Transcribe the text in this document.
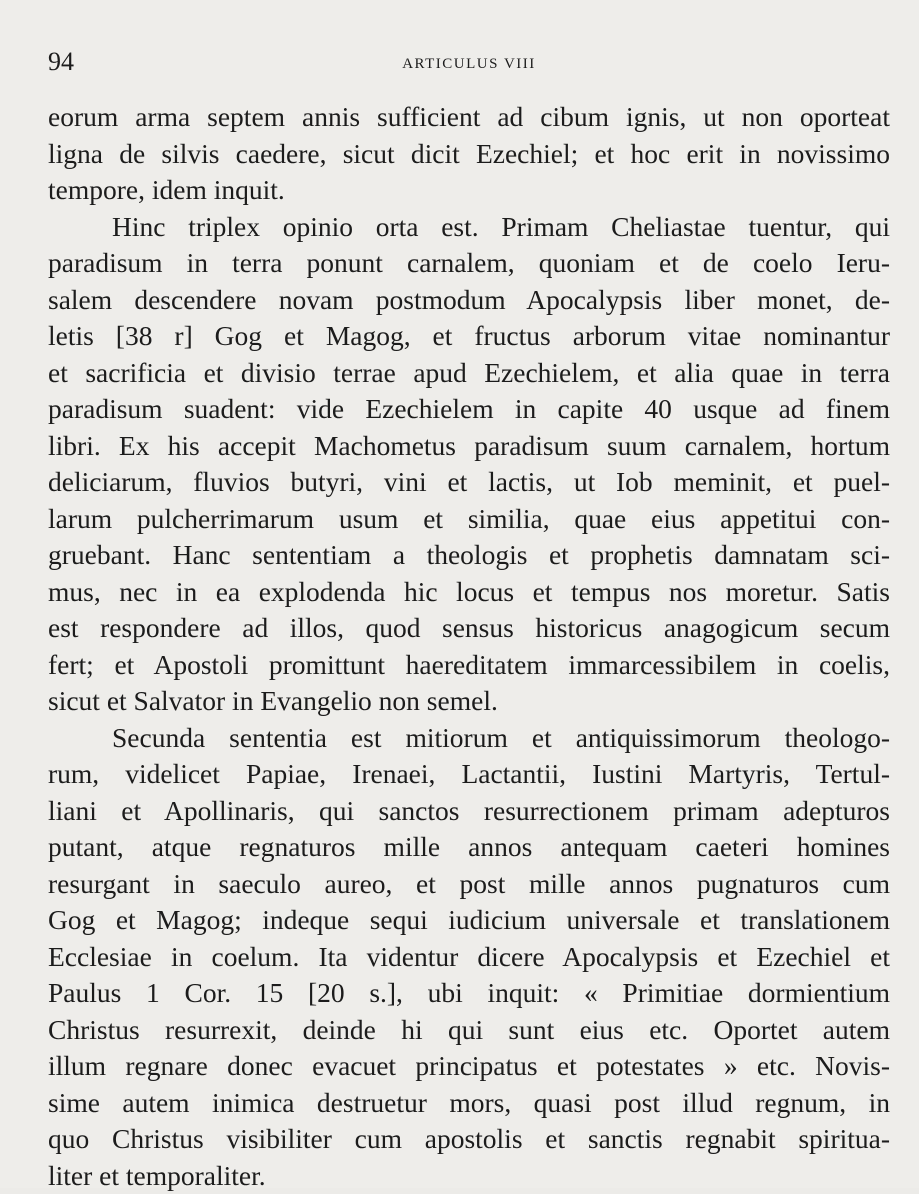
94	ARTICULUS VIII
eorum arma septem annis sufficient ad cibum ignis, ut non oporteat
ligna de silvis caedere, sicut dicit Ezechiel; et hoc erit in novissimo
tempore, idem inquit.
Hinc triplex opinio orta est. Primam Cheliastae tuentur, qui
paradisum in terra ponunt carnalem, quoniam et de coelo Ieru-
salem descendere novam postmodum Apocalypsis liber monet, de-
letis [38 r] Gog et Magog, et fructus arborum vitae nominantur
et sacrificia et divisio terrae apud Ezechielem, et alia quae in terra
paradisum suadent: vide Ezechielem in capite 40 usque ad finem
libri. Ex his accepit Machometus paradisum suum carnalem, hortum
deliciarum, fluvios butyri, vini et lactis, ut Iob meminit, et puel-
larum pulcherrimarum usum et similia, quae eius appetitui con-
gruebant. Hanc sententiam a theologis et prophetis damnatam sci-
mus, nec in ea explodenda hic locus et tempus nos moretur. Satis
est respondere ad illos, quod sensus historicus anagogicum secum
fert; et Apostoli promittunt haereditatem immarcessibilem in coelis,
sicut et Salvator in Evangelio non semel.
Secunda sententia est mitiorum et antiquissimorum theologo-
rum, videlicet Papiae, Irenaei, Lactantii, Iustini Martyris, Tertul-
liani et Apollinaris, qui sanctos resurrectionem primam adepturos
putant, atque regnaturos mille annos antequam caeteri homines
resurgant in saeculo aureo, et post mille annos pugnaturos cum
Gog et Magog; indeque sequi iudicium universale et translationem
Ecclesiae in coelum. Ita videntur dicere Apocalypsis et Ezechiel et
Paulus 1 Cor. 15 [20 s.], ubi inquit: « Primitiae dormientium
Christus resurrexit, deinde hi qui sunt eius etc. Oportet autem
illum regnare donec evacuet principatus et potestates » etc. Novis-
sime autem inimica destruetur mors, quasi post illud regnum, in
quo Christus visibiliter cum apostolis et sanctis regnabit spiritua-
liter et temporaliter.
